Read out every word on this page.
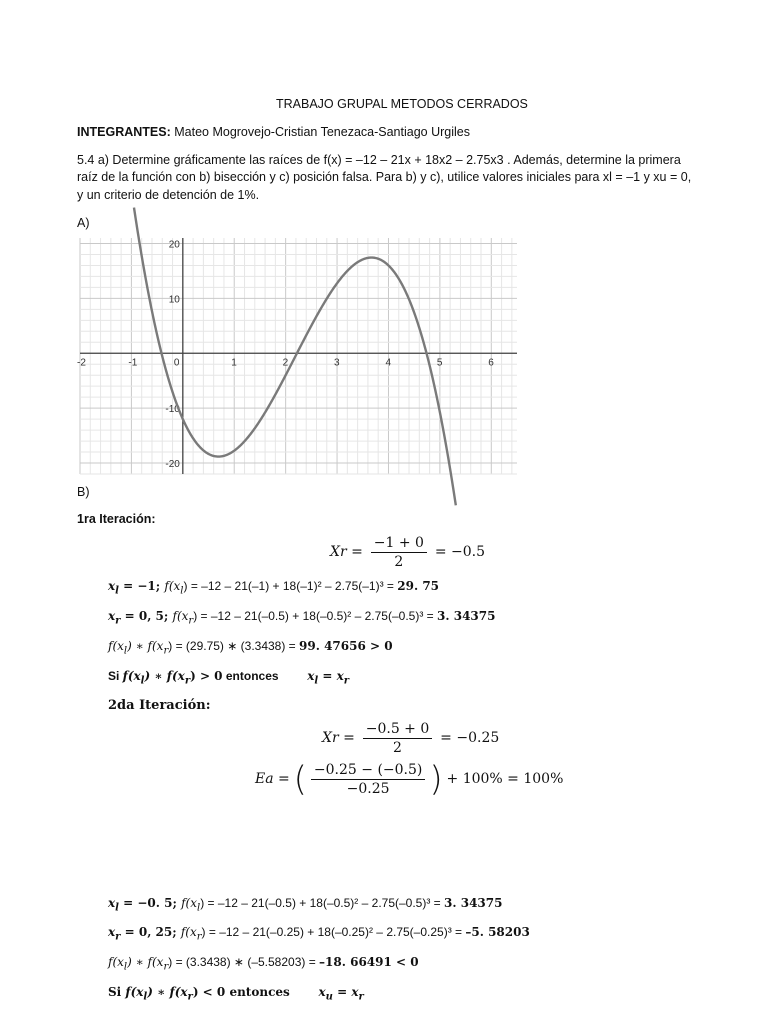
TRABAJO GRUPAL METODOS CERRADOS
INTEGRANTES: Mateo Mogrovejo-Cristian Tenezaca-Santiago Urgiles
5.4 a) Determine gráficamente las raíces de f(x) = –12 – 21x + 18x2 – 2.75x3 . Además, determine la primera
raíz de la función con b) bisección y c) posición falsa. Para b) y c), utilice valores iniciales para xl = –1 y xu = 0,
y un criterio de detención de 1%.
A)
-2	-1	0	1	2	3	4	5	6
20
10
-10
-20
B)
1ra Iteración:
$Xr = \frac{-1 + 0}{2} = -0.5$
$x_l = -1$; $f(x_l) = -12 - 21(-1) + 18(-1)^2 - 2.75(-1)^3 = 29$. 75
$x_r = 0$, 5; $f(x_r) = -12 - 21(-0.5) + 18(-0.5)^2 - 2.75(-0.5)^3 = 3$. 34375
$f(x_l)$ ∗ $f(x_r) = (29.75)$ ∗ (3.3438) = 99. 47656 > 0
Si $f(x_l)$ ∗ $f(x_r) > 0$ entonces $x_l = x_r$
2da Iteración:
$Xr = \frac{-0.5 + 0}{2} = -0.25$
Ea = ( $\frac{-0.25 - (-0.5)}{-0.25}$ ) + 100% = 100%
$x_l = -0$. 5; $f(x_l) = -12 - 21(-0.5) + 18(-0.5)^2 - 2.75(-0.5)^3 = 3$. 34375
$x_r = 0$, 25; $f(x_r) = -12 - 21(-0.25) + 18(-0.25)^2 - 2.75(-0.25)^3 = -5$. 58203
$f(x_l)$ ∗ $f(x_r) = (3.3438)$ ∗ (–5.58203) = –18. 66491 < 0
Si $f(x_l)$ ∗ $f(x_r) < 0$ entonces $x_u = x_r$
